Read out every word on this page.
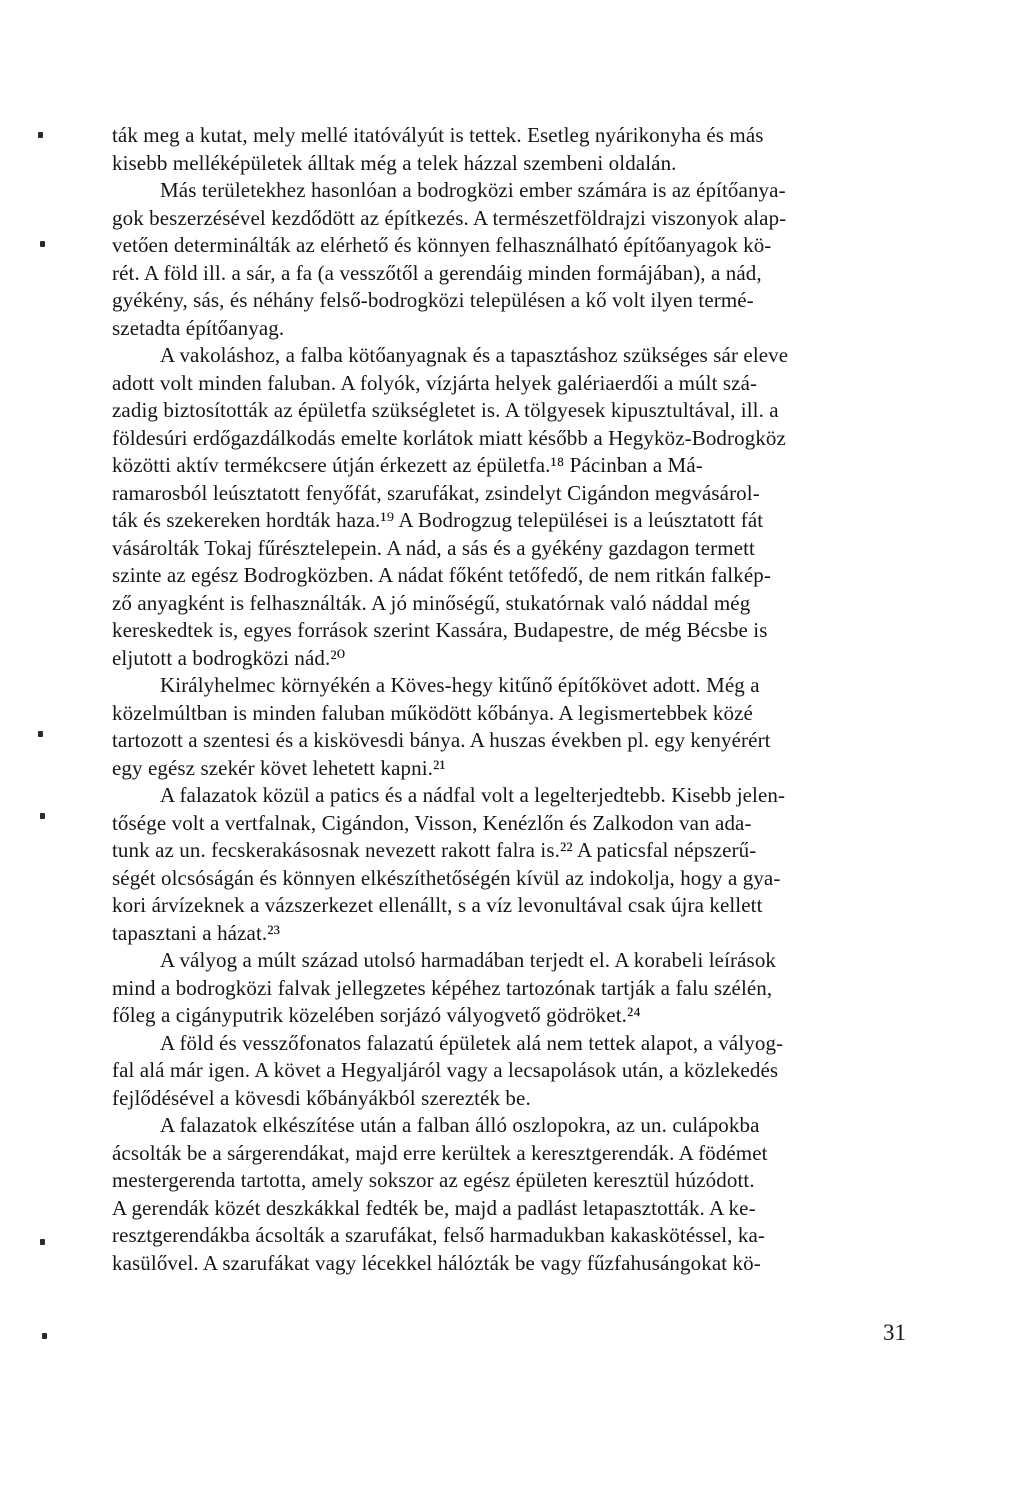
ták meg a kutat, mely mellé itatóvályút is tettek. Esetleg nyárikonyha és más
kisebb melléképületek álltak még a telek házzal szembeni oldalán.
Más területekhez hasonlóan a bodrogközi ember számára is az építőanya-
gok beszerzésével kezdődött az építkezés. A természetföldrajzi viszonyok alap-
vetően determinálták az elérhető és könnyen felhasználható építőanyagok kö-
rét. A föld ill. a sár, a fa (a vesszőtől a gerendáig minden formájában), a nád,
gyékény, sás, és néhány felső-bodrogközi településen a kő volt ilyen termé-
szetadta építőanyag.
A vakoláshoz, a falba kötőanyagnak és a tapasztáshoz szükséges sár eleve
adott volt minden faluban. A folyók, vízjárta helyek galériaerdői a múlt szá-
zadig biztosították az épületfa szükségletet is. A tölgyesek kipusztultával, ill. a
földesúri erdőgazdálkodás emelte korlátok miatt később a Hegyköz-Bodrogköz
közötti aktív termékcsere útján érkezett az épületfa.¹⁸ Pácinban a Má-
ramarosból leúsztatott fenyőfát, szarufákat, zsindelyt Cigándon megvásárol-
ták és szekereken hordták haza.¹⁹ A Bodrogzug települései is a leúsztatott fát
vásárolták Tokaj fűrésztelepein. A nád, a sás és a gyékény gazdagon termett
szinte az egész Bodrogközben. A nádat főként tetőfedő, de nem ritkán falkép-
ző anyagként is felhasználták. A jó minőségű, stukatórnak való náddal még
kereskedtek is, egyes források szerint Kassára, Budapestre, de még Bécsbe is
eljutott a bodrogközi nád.²⁰
Királyhelmec környékén a Köves-hegy kitűnő építőkövet adott. Még a
közelmúltban is minden faluban működött kőbánya. A legismertebbek közé
tartozott a szentesi és a kiskövesdi bánya. A huszas években pl. egy kenyérért
egy egész szekér követ lehetett kapni.²¹
A falazatok közül a patics és a nádfal volt a legelterjedtebb. Kisebb jelen-
tősége volt a vertfalnak, Cigándon, Visson, Kenézlőn és Zalkodon van ada-
tunk az un. fecskerakásosnak nevezett rakott falra is.²² A paticsfal népszerű-
ségét olcsóságán és könnyen elkészíthetőségén kívül az indokolja, hogy a gya-
kori árvízeknek a vázszerkezet ellenállt, s a víz levonultával csak újra kellett
tapasztani a házat.²³
A vályog a múlt század utolsó harmadában terjedt el. A korabeli leírások
mind a bodrogközi falvak jellegzetes képéhez tartozónak tartják a falu szélén,
főleg a cigányputrik közelében sorjázó vályogvető gödröket.²⁴
A föld és vesszőfonatos falazatú épületek alá nem tettek alapot, a vályog-
fal alá már igen. A követ a Hegyaljáról vagy a lecsapolások után, a közlekedés
fejlődésével a kövesdi kőbányákból szerezték be.
A falazatok elkészítése után a falban álló oszlopokra, az un. culápokba
ácsolták be a sárgerendákat, majd erre kerültek a keresztgerendák. A födémet
mestergerenda tartotta, amely sokszor az egész épületen keresztül húzódott.
A gerendák közét deszkákkal fedték be, majd a padlást letapasztották. A ke-
resztgerendákba ácsolták a szarufákat, felső harmadukban kakaskötéssel, ka-
kasülővel. A szarufákat vagy lécekkel hálózták be vagy fűzfahusángokat kö-
31
